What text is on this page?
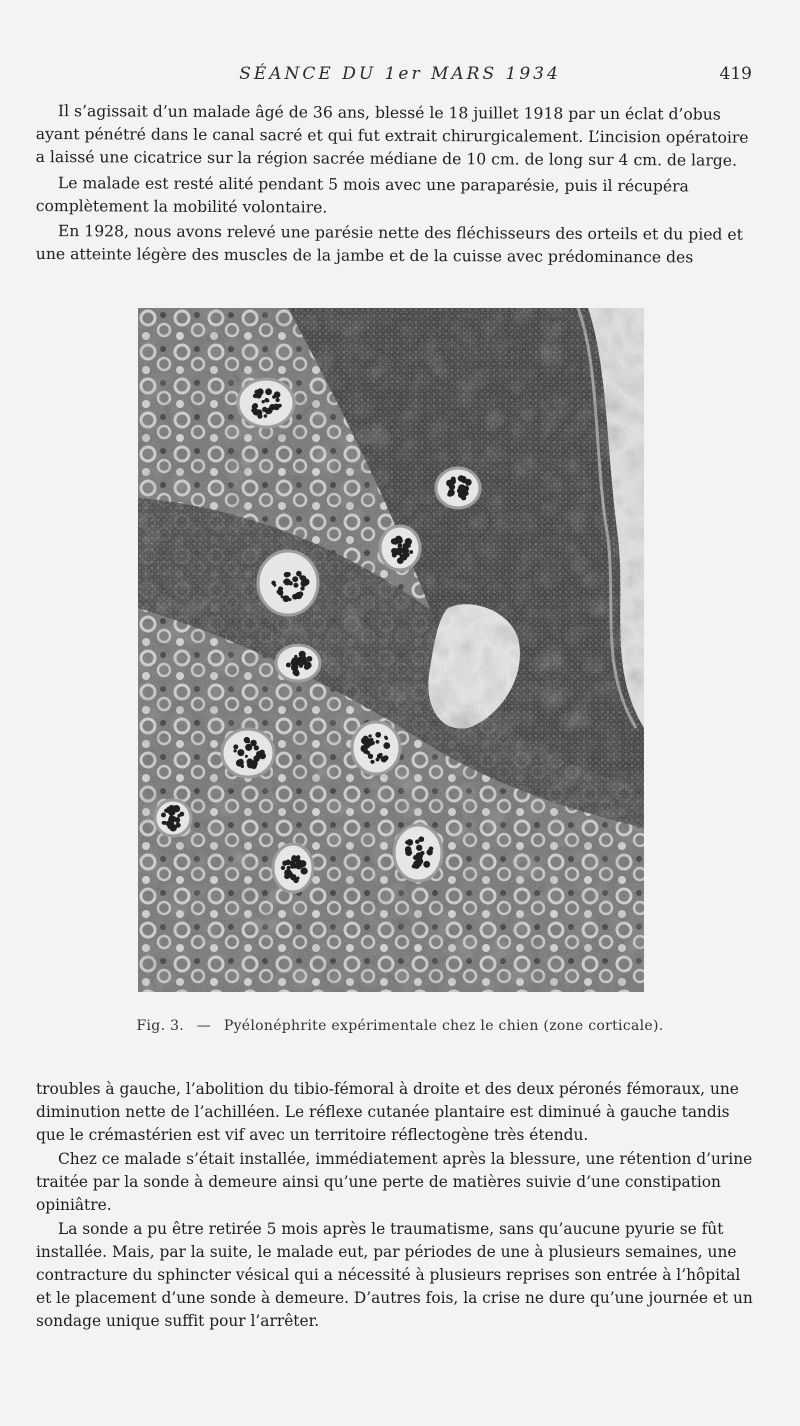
SÉANCE DU 1er MARS 1934	419

Il s’agissait d’un malade âgé de 36 ans, blessé le 18 juillet 1918 par un éclat d’obus ayant pénétré dans le canal sacré et qui fut extrait chirurgicalement. L’incision opératoire a laissé une cicatrice sur la région sacrée médiane de 10 cm. de long sur 4 cm. de large.

Le malade est resté alité pendant 5 mois avec une paraparésie, puis il récupéra complètement la mobilité volontaire.

En 1928, nous avons relevé une parésie nette des fléchisseurs des orteils et du pied et une atteinte légère des muscles de la jambe et de la cuisse avec prédominance des

Fig. 3. — Pyélonéphrite expérimentale chez le chien (zone corticale).

troubles à gauche, l’abolition du tibio-fémoral à droite et des deux péronés fémoraux, une diminution nette de l’achilléen. Le réflexe cutanée plantaire est diminué à gauche tandis que le crémastérien est vif avec un territoire réflectogène très étendu.

Chez ce malade s’était installée, immédiatement après la blessure, une rétention d’urine traitée par la sonde à demeure ainsi qu’une perte de matières suivie d’une constipation opiniâtre.

La sonde a pu être retirée 5 mois après le traumatisme, sans qu’aucune pyurie se fût installée. Mais, par la suite, le malade eut, par périodes de une à plusieurs semaines, une contracture du sphincter vésical qui a nécessité à plusieurs reprises son entrée à l’hôpital et le placement d’une sonde à demeure. D’autres fois, la crise ne dure qu’une journée et un sondage unique suffit pour l’arrêter.
